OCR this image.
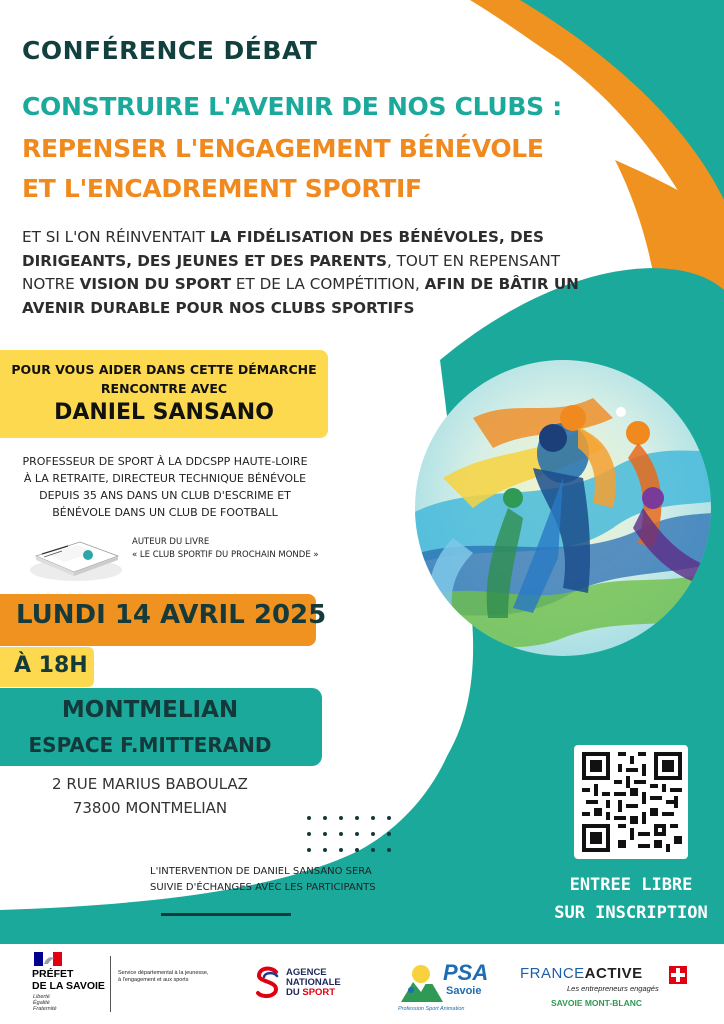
CONFÉRENCE DÉBAT
CONSTRUIRE L'AVENIR DE NOS CLUBS :
REPENSER L'ENGAGEMENT BÉNÉVOLE
ET L'ENCADREMENT SPORTIF
ET SI L'ON RÉINVENTAIT LA FIDÉLISATION DES BÉNÉVOLES, DES DIRIGEANTS, DES JEUNES ET DES PARENTS, TOUT EN REPENSANT NOTRE VISION DU SPORT ET DE LA COMPÉTITION, AFIN DE BÂTIR UN AVENIR DURABLE POUR NOS CLUBS SPORTIFS
POUR VOUS AIDER DANS CETTE DÉMARCHE
RENCONTRE AVEC
DANIEL SANSANO
PROFESSEUR DE SPORT À LA DDCSPP HAUTE-LOIRE
À LA RETRAITE, DIRECTEUR TECHNIQUE BÉNÉVOLE
DEPUIS 35 ANS DANS UN CLUB D'ESCRIME ET
BÉNÉVOLE DANS UN CLUB DE FOOTBALL
AUTEUR DU LIVRE
« LE CLUB SPORTIF DU PROCHAIN MONDE »
LUNDI 14 AVRIL 2025
À 18H
MONTMELIAN
ESPACE F.MITTERAND
2 RUE MARIUS BABOULAZ
73800 MONTMELIAN
L'INTERVENTION DE DANIEL SANSANO SERA
SUIVIE D'ÉCHANGES AVEC LES PARTICIPANTS	ENTREE LIBRE
SUR INSCRIPTION
PRÉFET
DE LA SAVOIE
Liberté
Égalité
Fraternité
Service départemental à la jeunesse,
à l'engagement et aux sports
AGENCE
NATIONALE
DU SPORT
PSA
Savoie
Profession Sport Animation
FRANCEACTIVE
Les entrepreneurs engagés
SAVOIE MONT-BLANC
